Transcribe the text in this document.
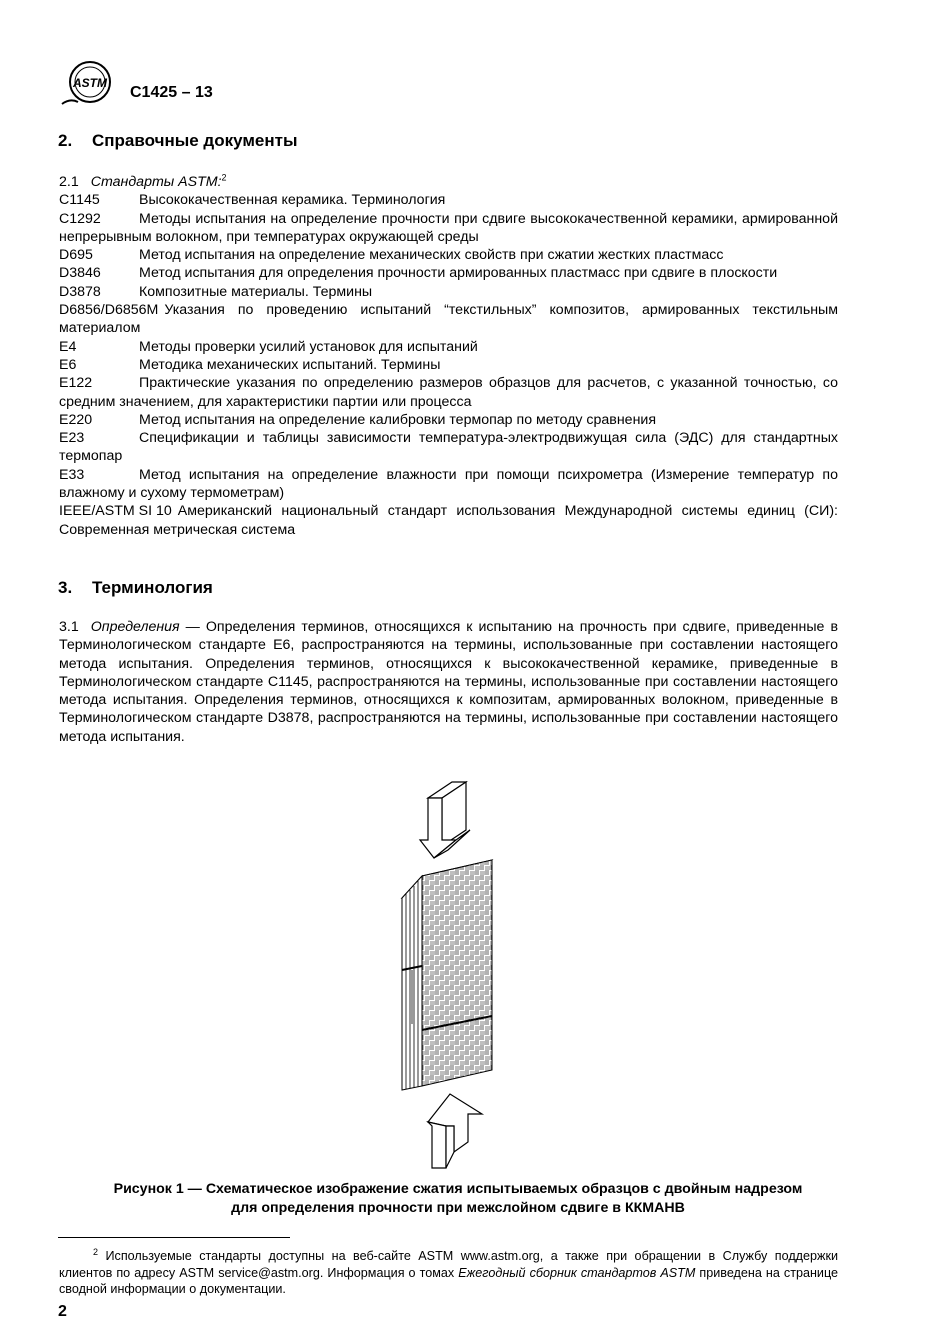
ASTM
C1425 – 13
2. Справочные документы
2.1 Стандарты ASTM:$^2$
C1145	Высококачественная керамика. Терминология
C1292	Методы испытания на определение прочности при сдвиге высококачественной керамики, армированной непрерывным волокном, при температурах окружающей среды
D695	Метод испытания на определение механических свойств при сжатии жестких пластмасс
D3846	Метод испытания для определения прочности армированных пластмасс при сдвиге в плоскости
D3878	Композитные материалы. Термины
D6856/D6856M Указания по проведению испытаний “текстильных” композитов, армированных текстильным материалом
E4	Методы проверки усилий установок для испытаний
E6	Методика механических испытаний. Термины
E122	Практические указания по определению размеров образцов для расчетов, с указанной точностью, со средним значением, для характеристики партии или процесса
E220	Метод испытания на определение калибровки термопар по методу сравнения
E23	Спецификации и таблицы зависимости температура-электродвижущая сила (ЭДС) для стандартных термопар
E33	Метод испытания на определение влажности при помощи психрометра (Измерение температур по влажному и сухому термометрам)
IEEE/ASTM SI 10 Американский национальный стандарт использования Международной системы единиц (СИ): Современная метрическая система
3. Терминология

3.1 Определения — Определения терминов, относящихся к испытанию на прочность при сдвиге, приведенные в Терминологическом стандарте E6, распространяются на термины, использованные при составлении настоящего метода испытания. Определения терминов, относящихся к высококачественной керамике, приведенные в Терминологическом стандарте C1145, распространяются на термины, использованные при составлении настоящего метода испытания. Определения терминов, относящихся к композитам, армированных волокном, приведенные в Терминологическом стандарте D3878, распространяются на термины, использованные при составлении настоящего метода испытания.

Рисунок 1 — Схематическое изображение сжатия испытываемых образцов с двойным надрезом
для определения прочности при межслойном сдвиге в ККМАНВ
$^2$ Используемые стандарты доступны на веб-сайте ASTM www.astm.org, а также при обращении в Службу поддержки клиентов по адресу ASTM service@astm.org. Информация о томах Ежегодный сборник стандартов ASTM приведена на странице сводной информации о документации.
2
